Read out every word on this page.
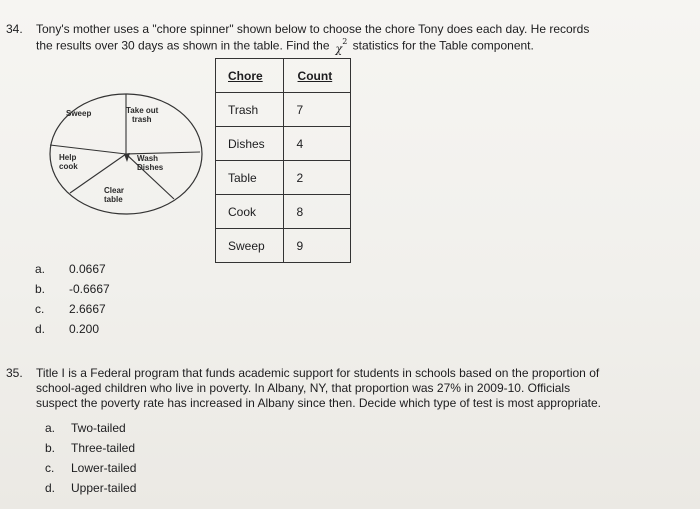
34. Tony's mother uses a "chore spinner" shown below to choose the chore Tony does each day. He records
the results over 30 days as shown in the table. Find the $\chi^2$ statistics for the Table component.
Sweep	Take out
trash
Help
cook
Wash
Dishes
Clear
table
Chore	Count
Trash	7
Dishes	4
Table	2
Cook	8
Sweep	9
a. 0.0667
b. -0.6667
c. 2.6667
d. 0.200
35. Title I is a Federal program that funds academic support for students in schools based on the proportion of
school-aged children who live in poverty. In Albany, NY, that proportion was 27% in 2009-10. Officials
suspect the poverty rate has increased in Albany since then. Decide which type of test is most appropriate.
a. Two-tailed
b. Three-tailed
c. Lower-tailed
d. Upper-tailed
